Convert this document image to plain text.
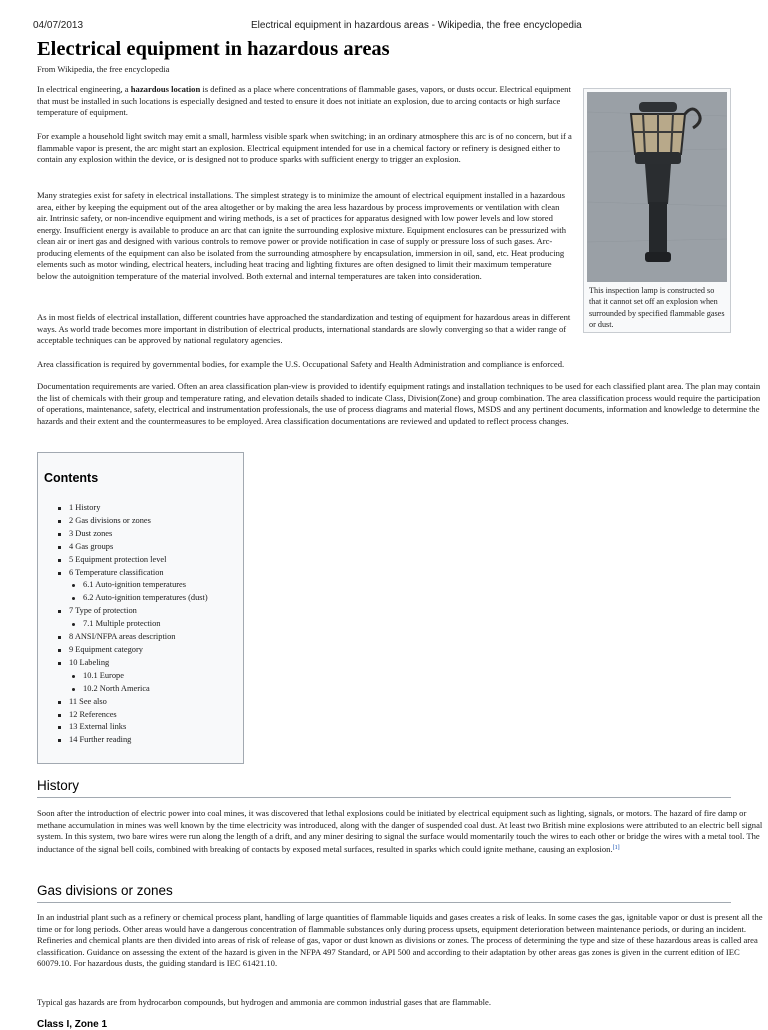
04/07/2013	Electrical equipment in hazardous areas - Wikipedia, the free encyclopedia
Electrical equipment in hazardous areas
From Wikipedia, the free encyclopedia

In electrical engineering, a hazardous location is defined as a place where concentrations of flammable gases, vapors, or dusts occur. Electrical equipment that must be installed in such locations is especially designed and tested to ensure it does not initiate an explosion, due to arcing contacts or high surface temperature of equipment.

For example a household light switch may emit a small, harmless visible spark when switching; in an ordinary atmosphere this arc is of no concern, but if a flammable vapor is present, the arc might start an explosion. Electrical equipment intended for use in a chemical factory or refinery is designed either to contain any explosion within the device, or is designed not to produce sparks with sufficient energy to trigger an explosion.

Many strategies exist for safety in electrical installations. The simplest strategy is to minimize the amount of electrical equipment installed in a hazardous area, either by keeping the equipment out of the area altogether or by making the area less hazardous by process improvements or ventilation with clean air. Intrinsic safety, or non-incendive equipment and wiring methods, is a set of practices for apparatus designed with low power levels and low stored energy. Insufficient energy is available to produce an arc that can ignite the surrounding explosive mixture. Equipment enclosures can be pressurized with clean air or inert gas and designed with various controls to remove power or provide notification in case of supply or pressure loss of such gases. Arc-producing elements of the equipment can also be isolated from the surrounding atmosphere by encapsulation, immersion in oil, sand, etc. Heat producing elements such as motor winding, electrical heaters, including heat tracing and lighting fixtures are often designed to limit their maximum temperature below the autoignition temperature of the material involved. Both external and internal temperatures are taken into consideration.

As in most fields of electrical installation, different countries have approached the standardization and testing of equipment for hazardous areas in different ways. As world trade becomes more important in distribution of electrical products, international standards are slowly converging so that a wider range of acceptable techniques can be approved by national regulatory agencies.

Area classification is required by governmental bodies, for example the U.S. Occupational Safety and Health Administration and compliance is enforced.

Documentation requirements are varied. Often an area classification plan-view is provided to identify equipment ratings and installation techniques to be used for each classified plant area. The plan may contain the list of chemicals with their group and temperature rating, and elevation details shaded to indicate Class, Division(Zone) and group combination. The area classification process would require the participation of operations, maintenance, safety, electrical and instrumentation professionals, the use of process diagrams and material flows, MSDS and any pertinent documents, information and knowledge to determine the hazards and their extent and the countermeasures to be employed. Area classification documentations are reviewed and updated to reflect process changes.

This inspection lamp is constructed so that it cannot set off an explosion when surrounded by specified flammable gases or dust.
Contents
1 History
2 Gas divisions or zones
3 Dust zones
4 Gas groups
5 Equipment protection level
6 Temperature classification
6.1 Auto-ignition temperatures
6.2 Auto-ignition temperatures (dust)
7 Type of protection
7.1 Multiple protection
8 ANSI/NFPA areas description
9 Equipment category
10 Labeling
10.1 Europe
10.2 North America
11 See also
12 References
13 External links
14 Further reading
History

Soon after the introduction of electric power into coal mines, it was discovered that lethal explosions could be initiated by electrical equipment such as lighting, signals, or motors. The hazard of fire damp or methane accumulation in mines was well known by the time electricity was introduced, along with the danger of suspended coal dust. At least two British mine explosions were attributed to an electric bell signal system. In this system, two bare wires were run along the length of a drift, and any miner desiring to signal the surface would momentarily touch the wires to each other or bridge the wires with a metal tool. The inductance of the signal bell coils, combined with breaking of contacts by exposed metal surfaces, resulted in sparks which could ignite methane, causing an explosion.[1]

Gas divisions or zones

In an industrial plant such as a refinery or chemical process plant, handling of large quantities of flammable liquids and gases creates a risk of leaks. In some cases the gas, ignitable vapor or dust is present all the time or for long periods. Other areas would have a dangerous concentration of flammable substances only during process upsets, equipment deterioration between maintenance periods, or during an incident. Refineries and chemical plants are then divided into areas of risk of release of gas, vapor or dust known as divisions or zones. The process of determining the type and size of these hazardous areas is called area classification. Guidance on assessing the extent of the hazard is given in the NFPA 497 Standard, or API 500 and according to their adaptation by other areas gas zones is given in the current edition of IEC 60079.10. For hazardous dusts, the guiding standard is IEC 61421.10.

Typical gas hazards are from hydrocarbon compounds, but hydrogen and ammonia are common industrial gases that are flammable.

Class I, Zone 1
